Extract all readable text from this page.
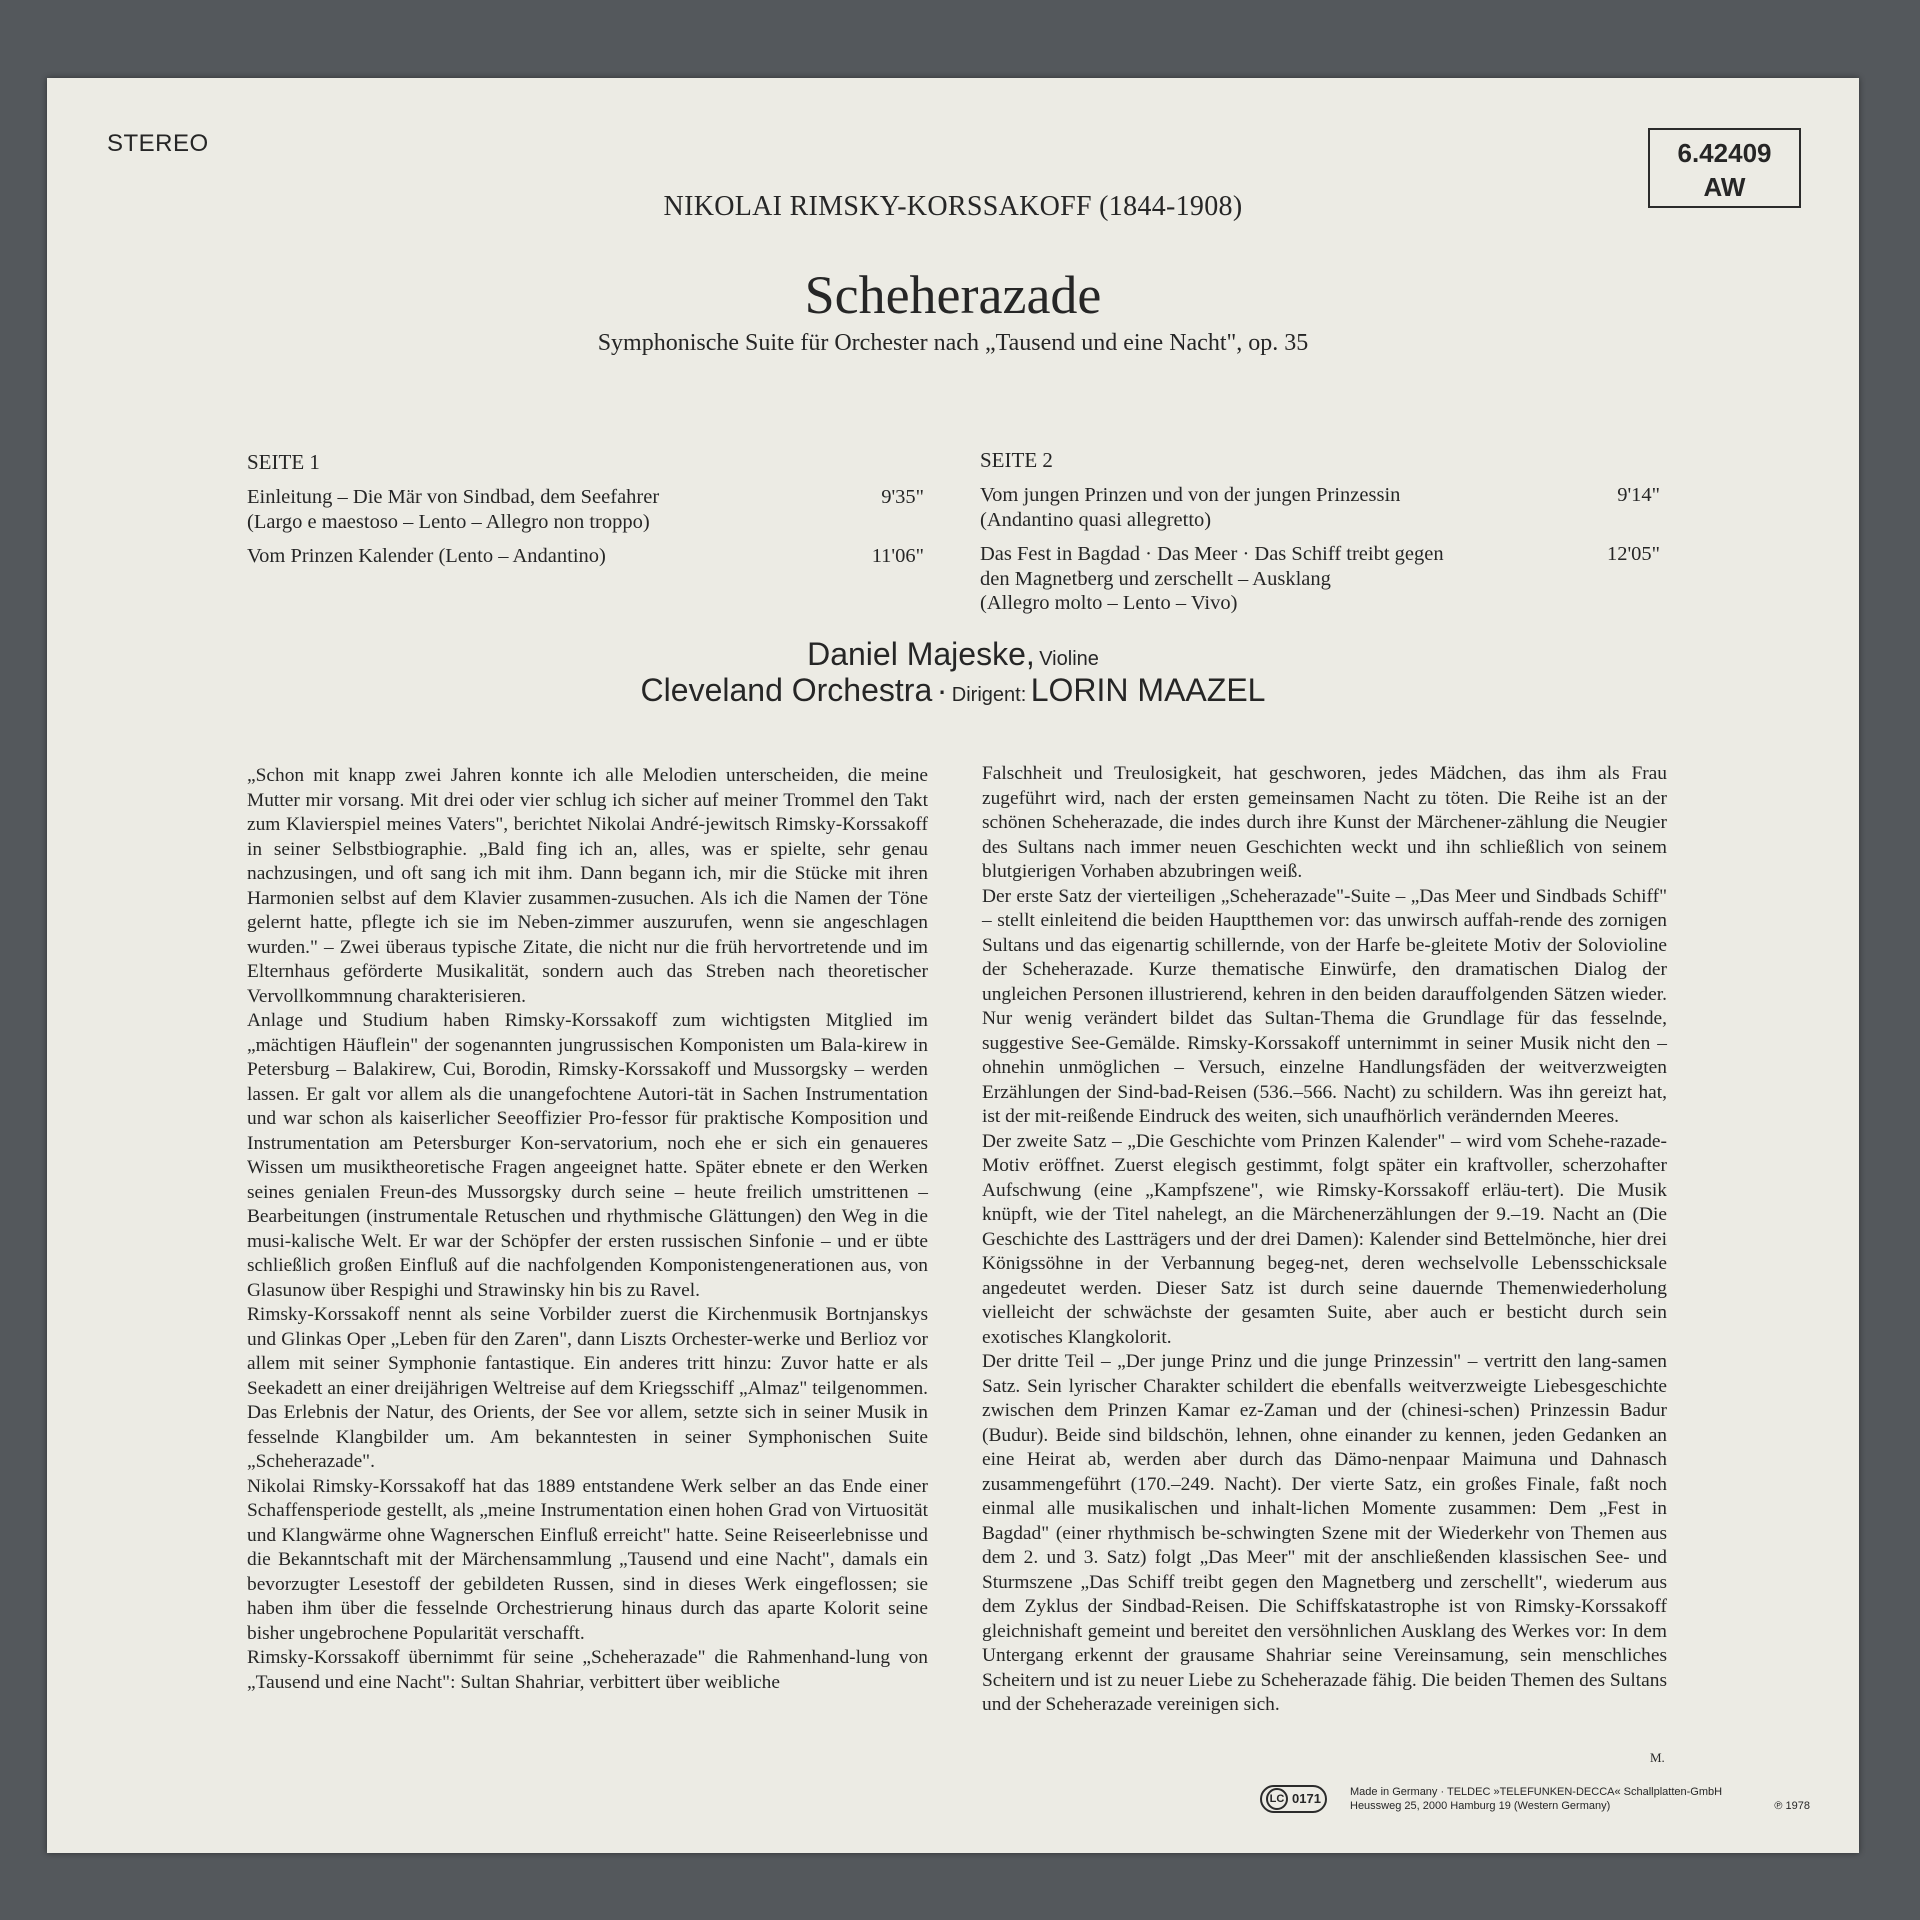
STEREO	6.42409
AW
NIKOLAI RIMSKY-KORSSAKOFF (1844-1908)
Scheherazade
Symphonische Suite für Orchester nach „Tausend und eine Nacht", op. 35
SEITE 1
Einleitung – Die Mär von Sindbad, dem Seefahrer
(Largo e maestoso – Lento – Allegro non troppo)
9'35"
Vom Prinzen Kalender (Lento – Andantino)	11'06"
SEITE 2
Vom jungen Prinzen und von der jungen Prinzessin
(Andantino quasi allegretto)
9'14"
Das Fest in Bagdad · Das Meer · Das Schiff treibt gegen
den Magnetberg und zerschellt – Ausklang
(Allegro molto – Lento – Vivo)
12'05"
Daniel Majeske, Violine
Cleveland Orchestra · Dirigent: LORIN MAAZEL
„Schon mit knapp zwei Jahren konnte ich alle Melodien unterscheiden, die meine Mutter mir vorsang. Mit drei oder vier schlug ich sicher auf meiner Trommel den Takt zum Klavierspiel meines Vaters", berichtet Nikolai André-jewitsch Rimsky-Korssakoff in seiner Selbstbiographie. „Bald fing ich an, alles, was er spielte, sehr genau nachzusingen, und oft sang ich mit ihm. Dann begann ich, mir die Stücke mit ihren Harmonien selbst auf dem Klavier zusammen-zusuchen. Als ich die Namen der Töne gelernt hatte, pflegte ich sie im Neben-zimmer auszurufen, wenn sie angeschlagen wurden." – Zwei überaus typische Zitate, die nicht nur die früh hervortretende und im Elternhaus geförderte Musikalität, sondern auch das Streben nach theoretischer Vervollkommnung charakterisieren.
Anlage und Studium haben Rimsky-Korssakoff zum wichtigsten Mitglied im „mächtigen Häuflein" der sogenannten jungrussischen Komponisten um Bala-kirew in Petersburg – Balakirew, Cui, Borodin, Rimsky-Korssakoff und Mussorgsky – werden lassen. Er galt vor allem als die unangefochtene Autori-tät in Sachen Instrumentation und war schon als kaiserlicher Seeoffizier Pro-fessor für praktische Komposition und Instrumentation am Petersburger Kon-servatorium, noch ehe er sich ein genaueres Wissen um musiktheoretische Fragen angeeignet hatte. Später ebnete er den Werken seines genialen Freun-des Mussorgsky durch seine – heute freilich umstrittenen – Bearbeitungen (instrumentale Retuschen und rhythmische Glättungen) den Weg in die musi-kalische Welt. Er war der Schöpfer der ersten russischen Sinfonie – und er übte schließlich großen Einfluß auf die nachfolgenden Komponistengenerationen aus, von Glasunow über Respighi und Strawinsky hin bis zu Ravel.
Rimsky-Korssakoff nennt als seine Vorbilder zuerst die Kirchenmusik Bortnjanskys und Glinkas Oper „Leben für den Zaren", dann Liszts Orchester-werke und Berlioz vor allem mit seiner Symphonie fantastique. Ein anderes tritt hinzu: Zuvor hatte er als Seekadett an einer dreijährigen Weltreise auf dem Kriegsschiff „Almaz" teilgenommen. Das Erlebnis der Natur, des Orients, der See vor allem, setzte sich in seiner Musik in fesselnde Klangbilder um. Am bekanntesten in seiner Symphonischen Suite „Scheherazade".
Nikolai Rimsky-Korssakoff hat das 1889 entstandene Werk selber an das Ende einer Schaffensperiode gestellt, als „meine Instrumentation einen hohen Grad von Virtuosität und Klangwärme ohne Wagnerschen Einfluß erreicht" hatte. Seine Reiseerlebnisse und die Bekanntschaft mit der Märchensammlung „Tausend und eine Nacht", damals ein bevorzugter Lesestoff der gebildeten Russen, sind in dieses Werk eingeflossen; sie haben ihm über die fesselnde Orchestrierung hinaus durch das aparte Kolorit seine bisher ungebrochene Popularität verschafft.
Rimsky-Korssakoff übernimmt für seine „Scheherazade" die Rahmenhand-lung von „Tausend und eine Nacht": Sultan Shahriar, verbittert über weibliche
Falschheit und Treulosigkeit, hat geschworen, jedes Mädchen, das ihm als Frau zugeführt wird, nach der ersten gemeinsamen Nacht zu töten. Die Reihe ist an der schönen Scheherazade, die indes durch ihre Kunst der Märchener-zählung die Neugier des Sultans nach immer neuen Geschichten weckt und ihn schließlich von seinem blutgierigen Vorhaben abzubringen weiß.
Der erste Satz der vierteiligen „Scheherazade"-Suite – „Das Meer und Sindbads Schiff" – stellt einleitend die beiden Hauptthemen vor: das unwirsch auffah-rende des zornigen Sultans und das eigenartig schillernde, von der Harfe be-gleitete Motiv der Solovioline der Scheherazade. Kurze thematische Einwürfe, den dramatischen Dialog der ungleichen Personen illustrierend, kehren in den beiden darauffolgenden Sätzen wieder. Nur wenig verändert bildet das Sultan-Thema die Grundlage für das fesselnde, suggestive See-Gemälde. Rimsky-Korssakoff unternimmt in seiner Musik nicht den – ohnehin unmöglichen – Versuch, einzelne Handlungsfäden der weitverzweigten Erzählungen der Sind-bad-Reisen (536.–566. Nacht) zu schildern. Was ihn gereizt hat, ist der mit-reißende Eindruck des weiten, sich unaufhörlich verändernden Meeres.
Der zweite Satz – „Die Geschichte vom Prinzen Kalender" – wird vom Schehe-razade-Motiv eröffnet. Zuerst elegisch gestimmt, folgt später ein kraftvoller, scherzohafter Aufschwung (eine „Kampfszene", wie Rimsky-Korssakoff erläu-tert). Die Musik knüpft, wie der Titel nahelegt, an die Märchenerzählungen der 9.–19. Nacht an (Die Geschichte des Lastträgers und der drei Damen): Kalender sind Bettelmönche, hier drei Königssöhne in der Verbannung begeg-net, deren wechselvolle Lebensschicksale angedeutet werden. Dieser Satz ist durch seine dauernde Themenwiederholung vielleicht der schwächste der gesamten Suite, aber auch er besticht durch sein exotisches Klangkolorit.
Der dritte Teil – „Der junge Prinz und die junge Prinzessin" – vertritt den lang-samen Satz. Sein lyrischer Charakter schildert die ebenfalls weitverzweigte Liebesgeschichte zwischen dem Prinzen Kamar ez-Zaman und der (chinesi-schen) Prinzessin Badur (Budur). Beide sind bildschön, lehnen, ohne einander zu kennen, jeden Gedanken an eine Heirat ab, werden aber durch das Dämo-nenpaar Maimuna und Dahnasch zusammengeführt (170.–249. Nacht). Der vierte Satz, ein großes Finale, faßt noch einmal alle musikalischen und inhalt-lichen Momente zusammen: Dem „Fest in Bagdad" (einer rhythmisch be-schwingten Szene mit der Wiederkehr von Themen aus dem 2. und 3. Satz) folgt „Das Meer" mit der anschließenden klassischen See- und Sturmszene „Das Schiff treibt gegen den Magnetberg und zerschellt", wiederum aus dem Zyklus der Sindbad-Reisen. Die Schiffskatastrophe ist von Rimsky-Korssakoff gleichnishaft gemeint und bereitet den versöhnlichen Ausklang des Werkes vor: In dem Untergang erkennt der grausame Shahriar seine Vereinsamung, sein menschliches Scheitern und ist zu neuer Liebe zu Scheherazade fähig. Die beiden Themen des Sultans und der Scheherazade vereinigen sich.
M.
LC 0171	Made in Germany · TELDEC »TELEFUNKEN-DECCA« Schallplatten-GmbH
Heussweg 25, 2000 Hamburg 19 (Western Germany)	℗ 1978
